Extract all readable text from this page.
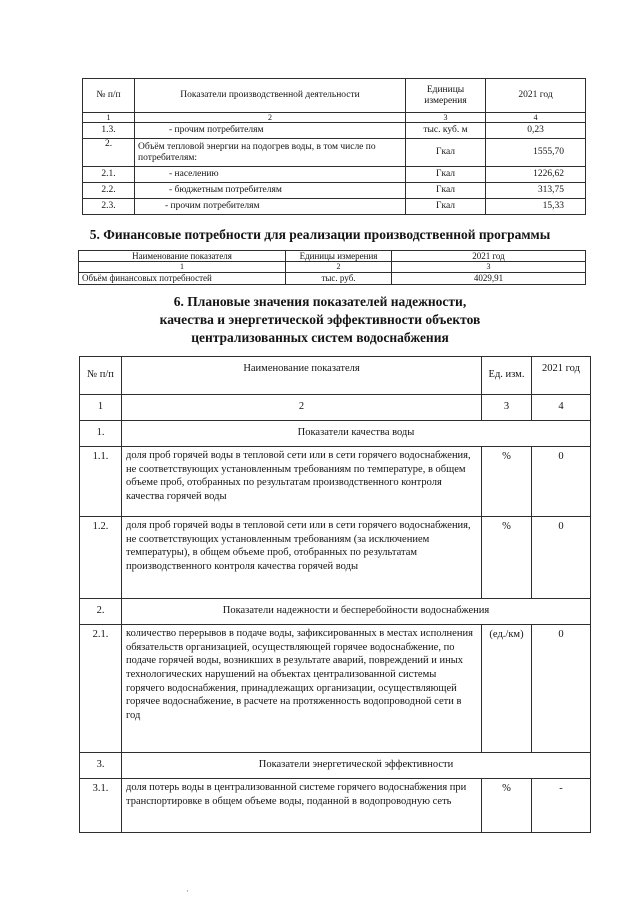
№ п/п	Показатели производственной деятельности	Единицы измерения	2021 год
1	2	3	4
1.3.	- прочим потребителям	тыс. куб. м	0,23
2.	Объём тепловой энергии на подогрев воды, в том числе по потребителям:	Гкал	1555,70
2.1.	- населению	Гкал	1226,62
2.2.	- бюджетным потребителям	Гкал	313,75
2.3.	- прочим потребителям	Гкал	15,33
5. Финансовые потребности для реализации производственной программы
Наименование показателя	Единицы измерения	2021 год
1	2	3
Объём финансовых потребностей	тыс. руб.	4029,91
6. Плановые значения показателей надежности,
качества и энергетической эффективности объектов
централизованных систем водоснабжения
№ п/п	Наименование показателя	Ед. изм.	2021 год
1	2	3	4
1.	Показатели качества воды		
1.1.	доля проб горячей воды в тепловой сети или в сети горячего водоснабжения, не соответствующих установленным требованиям по температуре, в общем объеме проб, отобранных по результатам производственного контроля качества горячей воды	%	0
1.2.	доля проб горячей воды в тепловой сети или в сети горячего водоснабжения, не соответствующих установленным требованиям (за исключением температуры), в общем объеме проб, отобранных по результатам производственного контроля качества горячей воды	%	0
2.	Показатели надежности и бесперебойности водоснабжения		
2.1.	количество перерывов в подаче воды, зафиксированных в местах исполнения обязательств организацией, осуществляющей горячее водоснабжение, по подаче горячей воды, возникших в результате аварий, повреждений и иных технологических нарушений на объектах централизованной системы горячего водоснабжения, принадлежащих организации, осуществляющей горячее водоснабжение, в расчете на протяженность водопроводной сети в год	(ед./км)	0
3.	Показатели энергетической эффективности		
3.1.	доля потерь воды в централизованной системе горячего водоснабжения при транспортировке в общем объеме воды, поданной в водопроводную сеть	%	-
·
